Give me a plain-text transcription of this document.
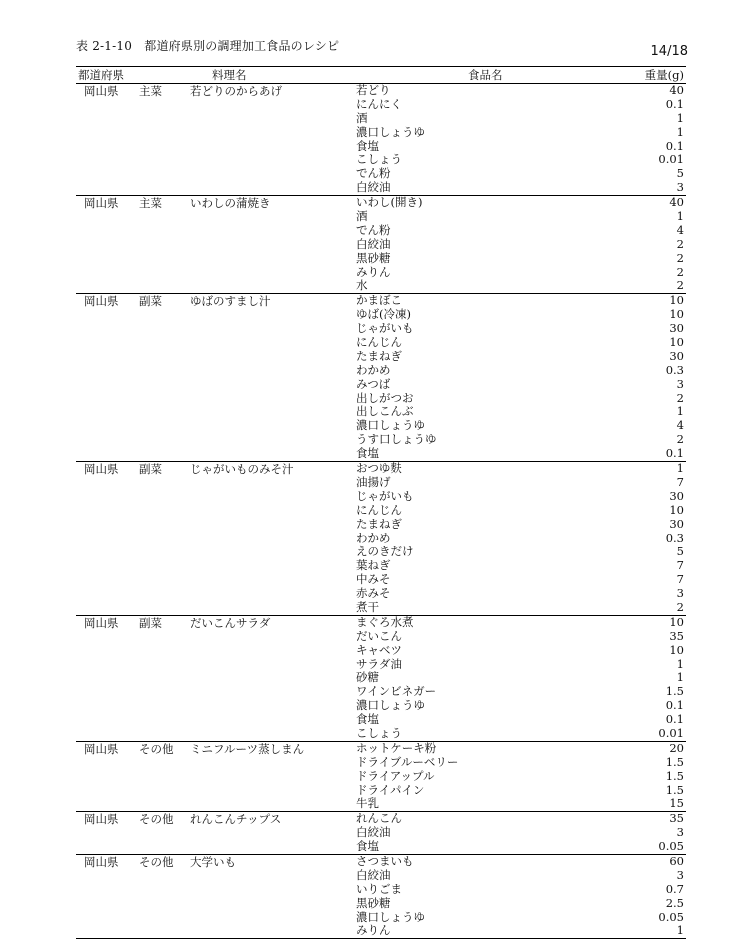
表 2-1-10　都道府県別の調理加工食品のレシピ	14/18
都道府県	料理名	食品名	重量(g)
岡山県 主菜 若どりのからあげ	若どり	40
にんにく	0.1
酒	1
濃口しょうゆ	1
食塩	0.1
こしょう	0.01
でん粉	5
白絞油	3
岡山県 主菜 いわしの蒲焼き	いわし(開き)	40
酒	1
でん粉	4
白絞油	2
黒砂糖	2
みりん	2
水	2
岡山県 副菜 ゆばのすまし汁	かまぼこ	10
ゆば(冷凍)	10
じゃがいも	30
にんじん	10
たまねぎ	30
わかめ	0.3
みつば	3
出しがつお	2
出しこんぶ	1
濃口しょうゆ	4
うす口しょうゆ	2
食塩	0.1
岡山県 副菜 じゃがいものみそ汁	おつゆ麩	1
油揚げ	7
じゃがいも	30
にんじん	10
たまねぎ	30
わかめ	0.3
えのきだけ	5
葉ねぎ	7
中みそ	7
赤みそ	3
煮干	2
岡山県 副菜 だいこんサラダ	まぐろ水煮	10
だいこん	35
キャベツ	10
サラダ油	1
砂糖	1
ワインビネガー	1.5
濃口しょうゆ	0.1
食塩	0.1
こしょう	0.01
岡山県 その他 ミニフルーツ蒸しまん	ホットケーキ粉	20
ドライブルーベリー	1.5
ドライアップル	1.5
ドライパイン	1.5
牛乳	15
岡山県 その他 れんこんチップス	れんこん	35
白絞油	3
食塩	0.05
岡山県 その他 大学いも	さつまいも	60
白絞油	3
いりごま	0.7
黒砂糖	2.5
濃口しょうゆ	0.05
みりん	1
